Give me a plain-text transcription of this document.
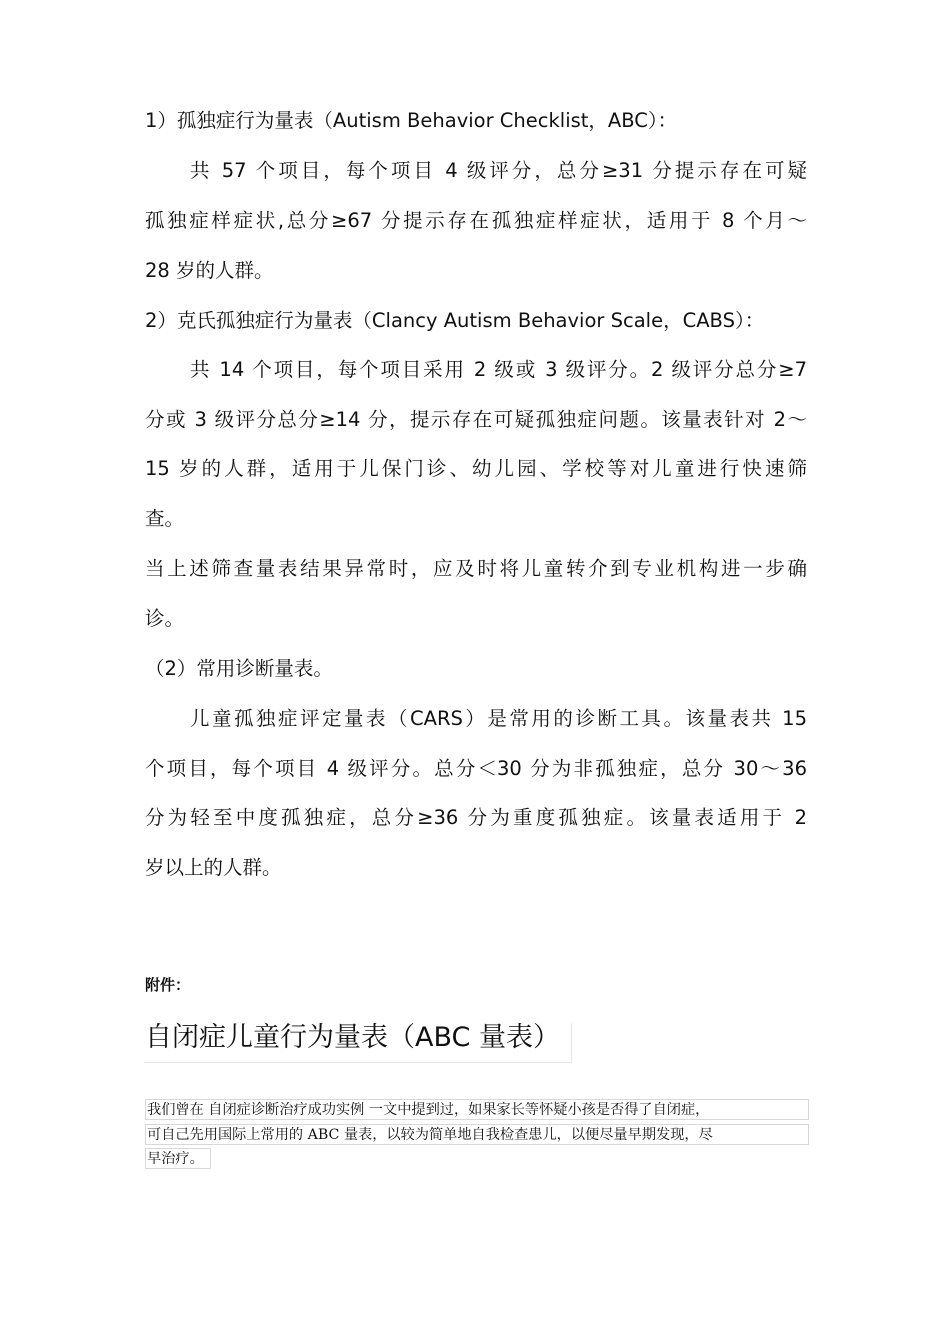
1）孤独症行为量表（Autism Behavior Checklist，ABC）：
共 57 个项目，每个项目 4 级评分，总分≥31 分提示存在可疑
孤独症样症状,总分≥67 分提示存在孤独症样症状，适用于 8 个月～
28 岁的人群。
2）克氏孤独症行为量表（Clancy Autism Behavior Scale，CABS）：
共 14 个项目，每个项目采用 2 级或 3 级评分。2 级评分总分≥7
分或 3 级评分总分≥14 分，提示存在可疑孤独症问题。该量表针对 2～
15 岁的人群，适用于儿保门诊、幼儿园、学校等对儿童进行快速筛
查。
当上述筛查量表结果异常时，应及时将儿童转介到专业机构进一步确
诊。
（2）常用诊断量表。
儿童孤独症评定量表（CARS）是常用的诊断工具。该量表共 15
个项目，每个项目 4 级评分。总分＜30 分为非孤独症，总分 30～36
分为轻至中度孤独症，总分≥36 分为重度孤独症。该量表适用于 2
岁以上的人群。
附件：
自闭症儿童行为量表（ABC 量表）
我们曾在 自闭症诊断治疗成功实例 一文中提到过，如果家长等怀疑小孩是否得了自闭症，
可自己先用国际上常用的 ABC 量表，以较为简单地自我检查患儿，以便尽量早期发现，尽
早治疗。
